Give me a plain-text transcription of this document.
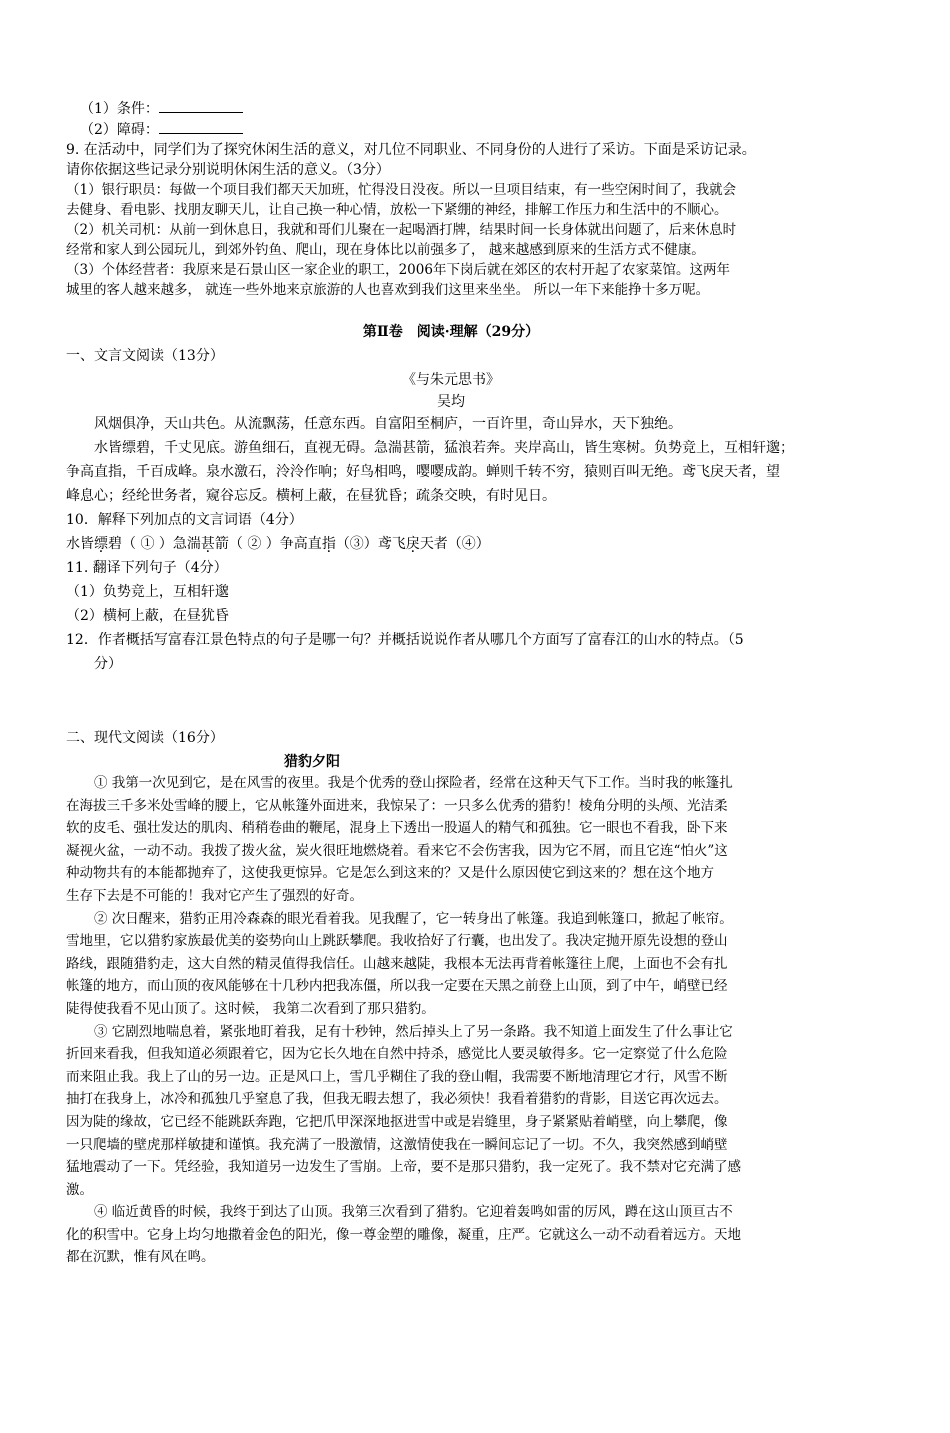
（1）条件：
（2）障碍：
9. 在活动中，同学们为了探究休闲生活的意义，对几位不同职业、不同身份的人进行了采访。下面是采访记录。
请你依据这些记录分别说明休闲生活的意义。（3分）
（1）银行职员：每做一个项目我们都天天加班，忙得没日没夜。所以一旦项目结束，有一些空闲时间了，我就会
去健身、看电影、找朋友聊天儿，让自己换一种心情，放松一下紧绷的神经，排解工作压力和生活中的不顺心。
（2）机关司机：从前一到休息日，我就和哥们儿聚在一起喝酒打牌，结果时间一长身体就出问题了，后来休息时
经常和家人到公园玩儿，到郊外钓鱼、爬山，现在身体比以前强多了， 越来越感到原来的生活方式不健康。
（3）个体经营者：我原来是石景山区一家企业的职工，2006年下岗后就在郊区的农村开起了农家菜馆。这两年
城里的客人越来越多， 就连一些外地来京旅游的人也喜欢到我们这里来坐坐。 所以一年下来能挣十多万呢。
第Ⅱ卷　阅读·理解（29分）
一、文言文阅读（13分）
《与朱元思书》
吴均
风烟俱净，天山共色。从流飘荡，任意东西。自富阳至桐庐，一百许里，奇山异水，天下独绝。
水皆缥碧，千丈见底。游鱼细石，直视无碍。急湍甚箭，猛浪若奔。夹岸高山，皆生寒树。负势竞上，互相轩邈；
争高直指，千百成峰。泉水激石，泠泠作响；好鸟相鸣，嘤嘤成韵。蝉则千转不穷，猿则百叫无绝。鸢飞戾天者，望
峰息心；经纶世务者，窥谷忘反。横柯上蔽，在昼犹昏；疏条交映，有时见日。
10．解释下列加点的文言词语（4分）
水皆缥碧（ ① ）急湍甚箭（ ② ）争高直指（③）鸢飞戾天者（④）
11. 翻译下列句子（4分）
（1）负势竞上，互相轩邈
（2）横柯上蔽，在昼犹昏
12．作者概括写富春江景色特点的句子是哪一句？并概括说说作者从哪几个方面写了富春江的山水的特点。（5
分）
二、现代文阅读（16分）
猎豹夕阳
① 我第一次见到它，是在风雪的夜里。我是个优秀的登山探险者，经常在这种天气下工作。当时我的帐篷扎
在海拔三千多米处雪峰的腰上，它从帐篷外面进来，我惊呆了：一只多么优秀的猎豹！棱角分明的头颅、光洁柔
软的皮毛、强壮发达的肌肉、稍稍卷曲的鞭尾，混身上下透出一股逼人的精气和孤独。它一眼也不看我，卧下来
凝视火盆，一动不动。我拨了拨火盆，炭火很旺地燃烧着。看来它不会伤害我，因为它不屑，而且它连“怕火”这
种动物共有的本能都抛弃了，这使我更惊异。它是怎么到这来的？又是什么原因使它到这来的？想在这个地方
生存下去是不可能的！我对它产生了强烈的好奇。
② 次日醒来，猎豹正用冷森森的眼光看着我。见我醒了，它一转身出了帐篷。我追到帐篷口，掀起了帐帘。
雪地里，它以猎豹家族最优美的姿势向山上跳跃攀爬。我收拾好了行囊，也出发了。我决定抛开原先设想的登山
路线，跟随猎豹走，这大自然的精灵值得我信任。山越来越陡，我根本无法再背着帐篷往上爬，上面也不会有扎
帐篷的地方，而山顶的夜风能够在十几秒内把我冻僵，所以我一定要在天黑之前登上山顶，到了中午，峭壁已经
陡得使我看不见山顶了。这时候， 我第二次看到了那只猎豹。
③ 它剧烈地喘息着，紧张地盯着我，足有十秒钟，然后掉头上了另一条路。我不知道上面发生了什么事让它
折回来看我，但我知道必须跟着它，因为它长久地在自然中持杀，感觉比人要灵敏得多。它一定察觉了什么危险
而来阻止我。我上了山的另一边。正是风口上，雪几乎糊住了我的登山帽，我需要不断地清理它才行，风雪不断
抽打在我身上，冰冷和孤独几乎窒息了我，但我无暇去想了，我必须快！我看着猎豹的背影，目送它再次远去。
因为陡的缘故，它已经不能跳跃奔跑，它把爪甲深深地抠进雪中或是岩缝里，身子紧紧贴着峭壁，向上攀爬，像
一只爬墙的壁虎那样敏捷和谨慎。我充满了一股激情，这激情使我在一瞬间忘记了一切。不久，我突然感到峭壁
猛地震动了一下。凭经验，我知道另一边发生了雪崩。上帝，要不是那只猎豹，我一定死了。我不禁对它充满了感
激。
④ 临近黄昏的时候，我终于到达了山顶。我第三次看到了猎豹。它迎着轰鸣如雷的厉风，蹲在这山顶亘古不
化的积雪中。它身上均匀地撒着金色的阳光，像一尊金塑的雕像，凝重，庄严。它就这么一动不动看着远方。天地
都在沉默，惟有风在鸣。
